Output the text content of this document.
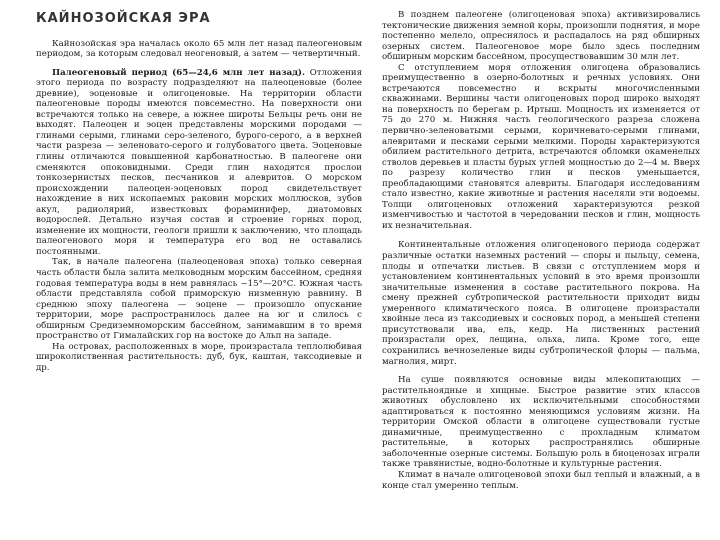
КАЙНОЗОЙСКАЯ ЭРА

Кайнозойская эра началась около 65 млн лет назад палеогеновым периодом, за которым следовал неогеновый, а затем — четвертичный.

Палеогеновый период (65—24,6 млн лет назад). Отложения этого периода по возрасту подразделяют на палеоценовые (более древние), эоценовые и олигоценовые. На территории области палеогеновые породы имеются повсеместно. На поверхности они встречаются только на севере, а южнее широты Бельцы речь они не выходят. Палеоцен и эоцен представлены морскими породами — глинами серыми, глинами серо-зеленого, бурого-серого, а в верхней части разреза — зеленовато-серого и голубоватого цвета. Эоценовые глины отличаются повышенной карбонатностью. В палеогене они сменяются опоковидными. Среди глин находятся прослои тонкозернистых песков, песчаников и алевритов. О морском происхождении палеоцен-эоценовых пород свидетельствует нахождение в них ископаемых раковин морских моллюсков, зубов акул, радиолярий, известковых фораминифер, диатомовых водорослей. Детально изучая состав и строение горных пород, изменение их мощности, геологи пришли к заключению, что площадь палеогенового моря и температура его вод не оставались постоянными.

Так, в начале палеогена (палеоценовая эпоха) только северная часть области была залита мелководным морским бассейном, средняя годовая температура воды в нем равнялась ~15°—20°С. Южная часть области представляла собой приморскую низменную равнину. В среднюю эпоху палеогена — эоцене — произошло опускание территории, море распространилось далее на юг и слилось с обширным Средиземноморским бассейном, занимавшим в то время пространство от Гималайских гор на востоке до Альп на западе.

На островах, расположенных в море, произрастала теплолюбивая широколиственная растительность: дуб, бук, каштан, таксодиевые и др.

В позднем палеогене (олигоценовая эпоха) активизировались тектонические движения земной коры, произошли поднятия, и море постепенно мелело, опреснялось и распадалось на ряд обширных озерных систем. Палеогеновое море было здесь последним обширным морским бассейном, просуществовавшим 30 млн лет.

С отступлением моря отложения олигоцена образовались преимущественно в озерно-болотных и речных условиях. Они встречаются повсеместно и вскрыты многочисленными скважинами. Вершины части олигоценовых пород широко выходят на поверхность по берегам р. Иртыш. Мощность их изменяется от 75 до 270 м. Нижняя часть геологического разреза сложена первично-зеленоватыми серыми, коричневато-серыми глинами, алевритами и песками серыми мелкими. Породы характеризуются обилием растительного детрита, встречаются обломки окаменелых стволов деревьев и пласты бурых углей мощностью до 2—4 м. Вверх по разрезу количество глин и песков уменьшается, преобладающими становятся алевриты. Благодаря исследованиям стало известно, какие животные и растения населяли эти водоемы. Толщи олигоценовых отложений характеризуются резкой изменчивостью и частотой в чередовании песков и глин, мощность их незначительная.

Континентальные отложения олигоценового периода содержат различные остатки наземных растений — споры и пыльцу, семена, плоды и отпечатки листьев. В связи с отступлением моря и установлением континентальных условий в это время произошли значительные изменения в составе растительного покрова. На смену прежней субтропической растительности приходит виды умеренного климатического пояса. В олигоцене произрастали хвойные леса из таксодиевых и сосновых пород, а меньшей степени присутствовали ива, ель, кедр. На лиственных растений произрастали орех, лещина, ольха, липа. Кроме того, еще сохранились вечнозеленые виды субтропической флоры — пальма, магнолия, мирт.

На суше появляются основные виды млекопитающих — растительноядные и хищные. Быстрое развитие этих классов животных обусловлено их исключительными способностями адаптироваться к постоянно меняющимся условиям жизни. На территории Омской области в олигоцене существовали густые динамичные, преимущественно с прохладным климатом растительные, в которых распространялись обширные заболоченные озерные системы. Большую роль в биоценозах играли также травянистые, водно-болотные и культурные растения.

Климат в начале олигоценовой эпохи был теплый и влажный, а в конце стал умеренно теплым.
